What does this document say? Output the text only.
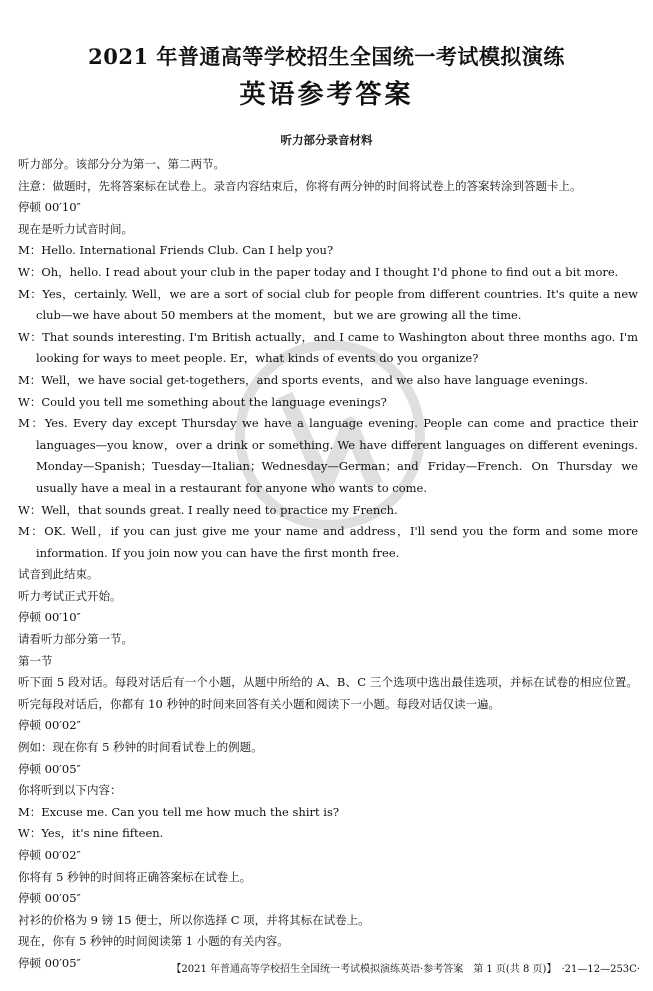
2021 年普通高等学校招生全国统一考试模拟演练
英语参考答案
听力部分录音材料
听力部分。该部分分为第一、第二两节。
注意：做题时，先将答案标在试卷上。录音内容结束后，你将有两分钟的时间将试卷上的答案转涂到答题卡上。
停顿 00′10″
现在是听力试音时间。
M：Hello. International Friends Club. Can I help you?
W：Oh，hello. I read about your club in the paper today and I thought I'd phone to find out a bit more.
M：Yes，certainly. Well，we are a sort of social club for people from different countries. It's quite a new club—we have about 50 members at the moment，but we are growing all the time.
W：That sounds interesting. I'm British actually，and I came to Washington about three months ago. I'm looking for ways to meet people. Er，what kinds of events do you organize?
M：Well，we have social get-togethers，and sports events，and we also have language evenings.
W：Could you tell me something about the language evenings?
M：Yes. Every day except Thursday we have a language evening. People can come and practice their languages—you know，over a drink or something. We have different languages on different evenings. Monday—Spanish；Tuesday—Italian；Wednesday—German；and Friday—French. On Thursday we usually have a meal in a restaurant for anyone who wants to come.
W：Well，that sounds great. I really need to practice my French.
M：OK. Well，if you can just give me your name and address，I'll send you the form and some more information. If you join now you can have the first month free.
试音到此结束。
听力考试正式开始。
停顿 00′10″
请看听力部分第一节。
第一节
听下面 5 段对话。每段对话后有一个小题，从题中所给的 A、B、C 三个选项中选出最佳选项，并标在试卷的相应位置。听完每段对话后，你都有 10 秒钟的时间来回答有关小题和阅读下一小题。每段对话仅读一遍。
停顿 00′02″
例如：现在你有 5 秒钟的时间看试卷上的例题。
停顿 00′05″
你将听到以下内容：
M：Excuse me. Can you tell me how much the shirt is?
W：Yes，it's nine fifteen.
停顿 00′02″
你将有 5 秒钟的时间将正确答案标在试卷上。
停顿 00′05″
衬衫的价格为 9 镑 15 便士，所以你选择 C 项，并将其标在试卷上。
现在，你有 5 秒钟的时间阅读第 1 小题的有关内容。
停顿 00′05″	【2021 年普通高等学校招生全国统一考试模拟演练英语·参考答案　第 1 页(共 8 页)】　·21—12—253C·
